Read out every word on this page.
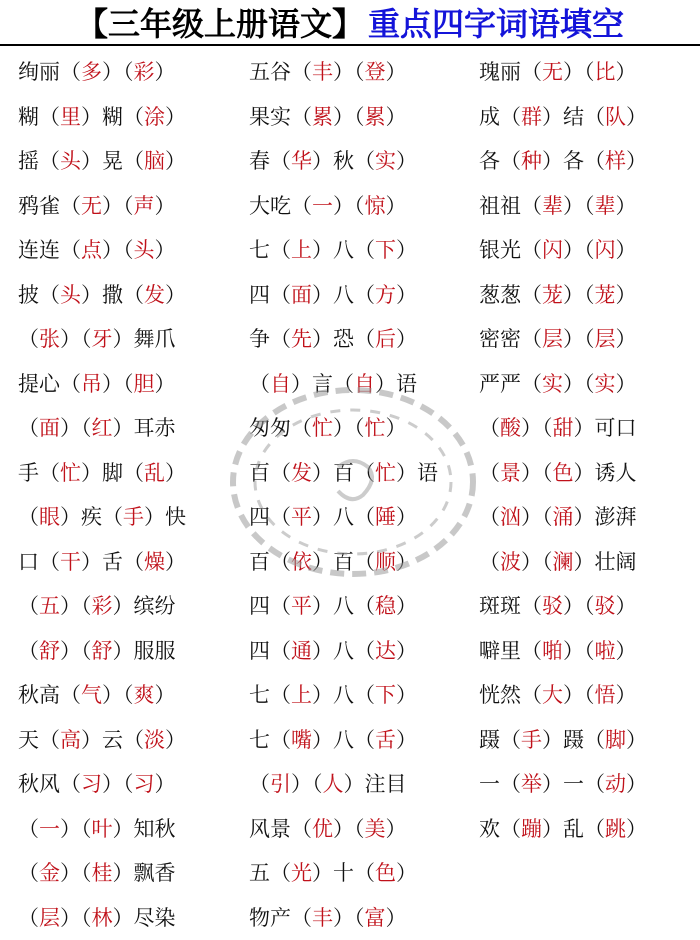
【三年级上册语文】 重点四字词语填空
绚丽（多）（彩）
糊（里）糊（涂）
摇（头）晃（脑）
鸦雀（无）（声）
连连（点）（头）
披（头）撒（发）
（张）（牙）舞爪
提心（吊）（胆）
（面）（红）耳赤
手（忙）脚（乱）
（眼）疾（手）快
口（干）舌（燥）
（五）（彩）缤纷
（舒）（舒）服服
秋高（气）（爽）
天（高）云（淡）
秋风（习）（习）
（一）（叶）知秋
（金）（桂）飘香
（层）（林）尽染
五谷（丰）（登）
果实（累）（累）
春（华）秋（实）
大吃（一）（惊）
七（上）八（下）
四（面）八（方）
争（先）恐（后）
（自）言（自）语
匆匆（忙）（忙）
百（发）百（忙）语
四（平）八（陲）
百（依）百（顺）
四（平）八（稳）
四（通）八（达）
七（上）八（下）
七（嘴）八（舌）
（引）（人）注目
风景（优）（美）
五（光）十（色）
物产（丰）（富）
瑰丽（无）（比）
成（群）结（队）
各（种）各（样）
祖祖（辈）（辈）
银光（闪）（闪）
葱葱（茏）（茏）
密密（层）（层）
严严（实）（实）
（酸）（甜）可口
（景）（色）诱人
（汹）（涌）澎湃
（波）（澜）壮阔
斑斑（驳）（驳）
噼里（啪）（啦）
恍然（大）（悟）
蹑（手）蹑（脚）
一（举）一（动）
欢（蹦）乱（跳）
